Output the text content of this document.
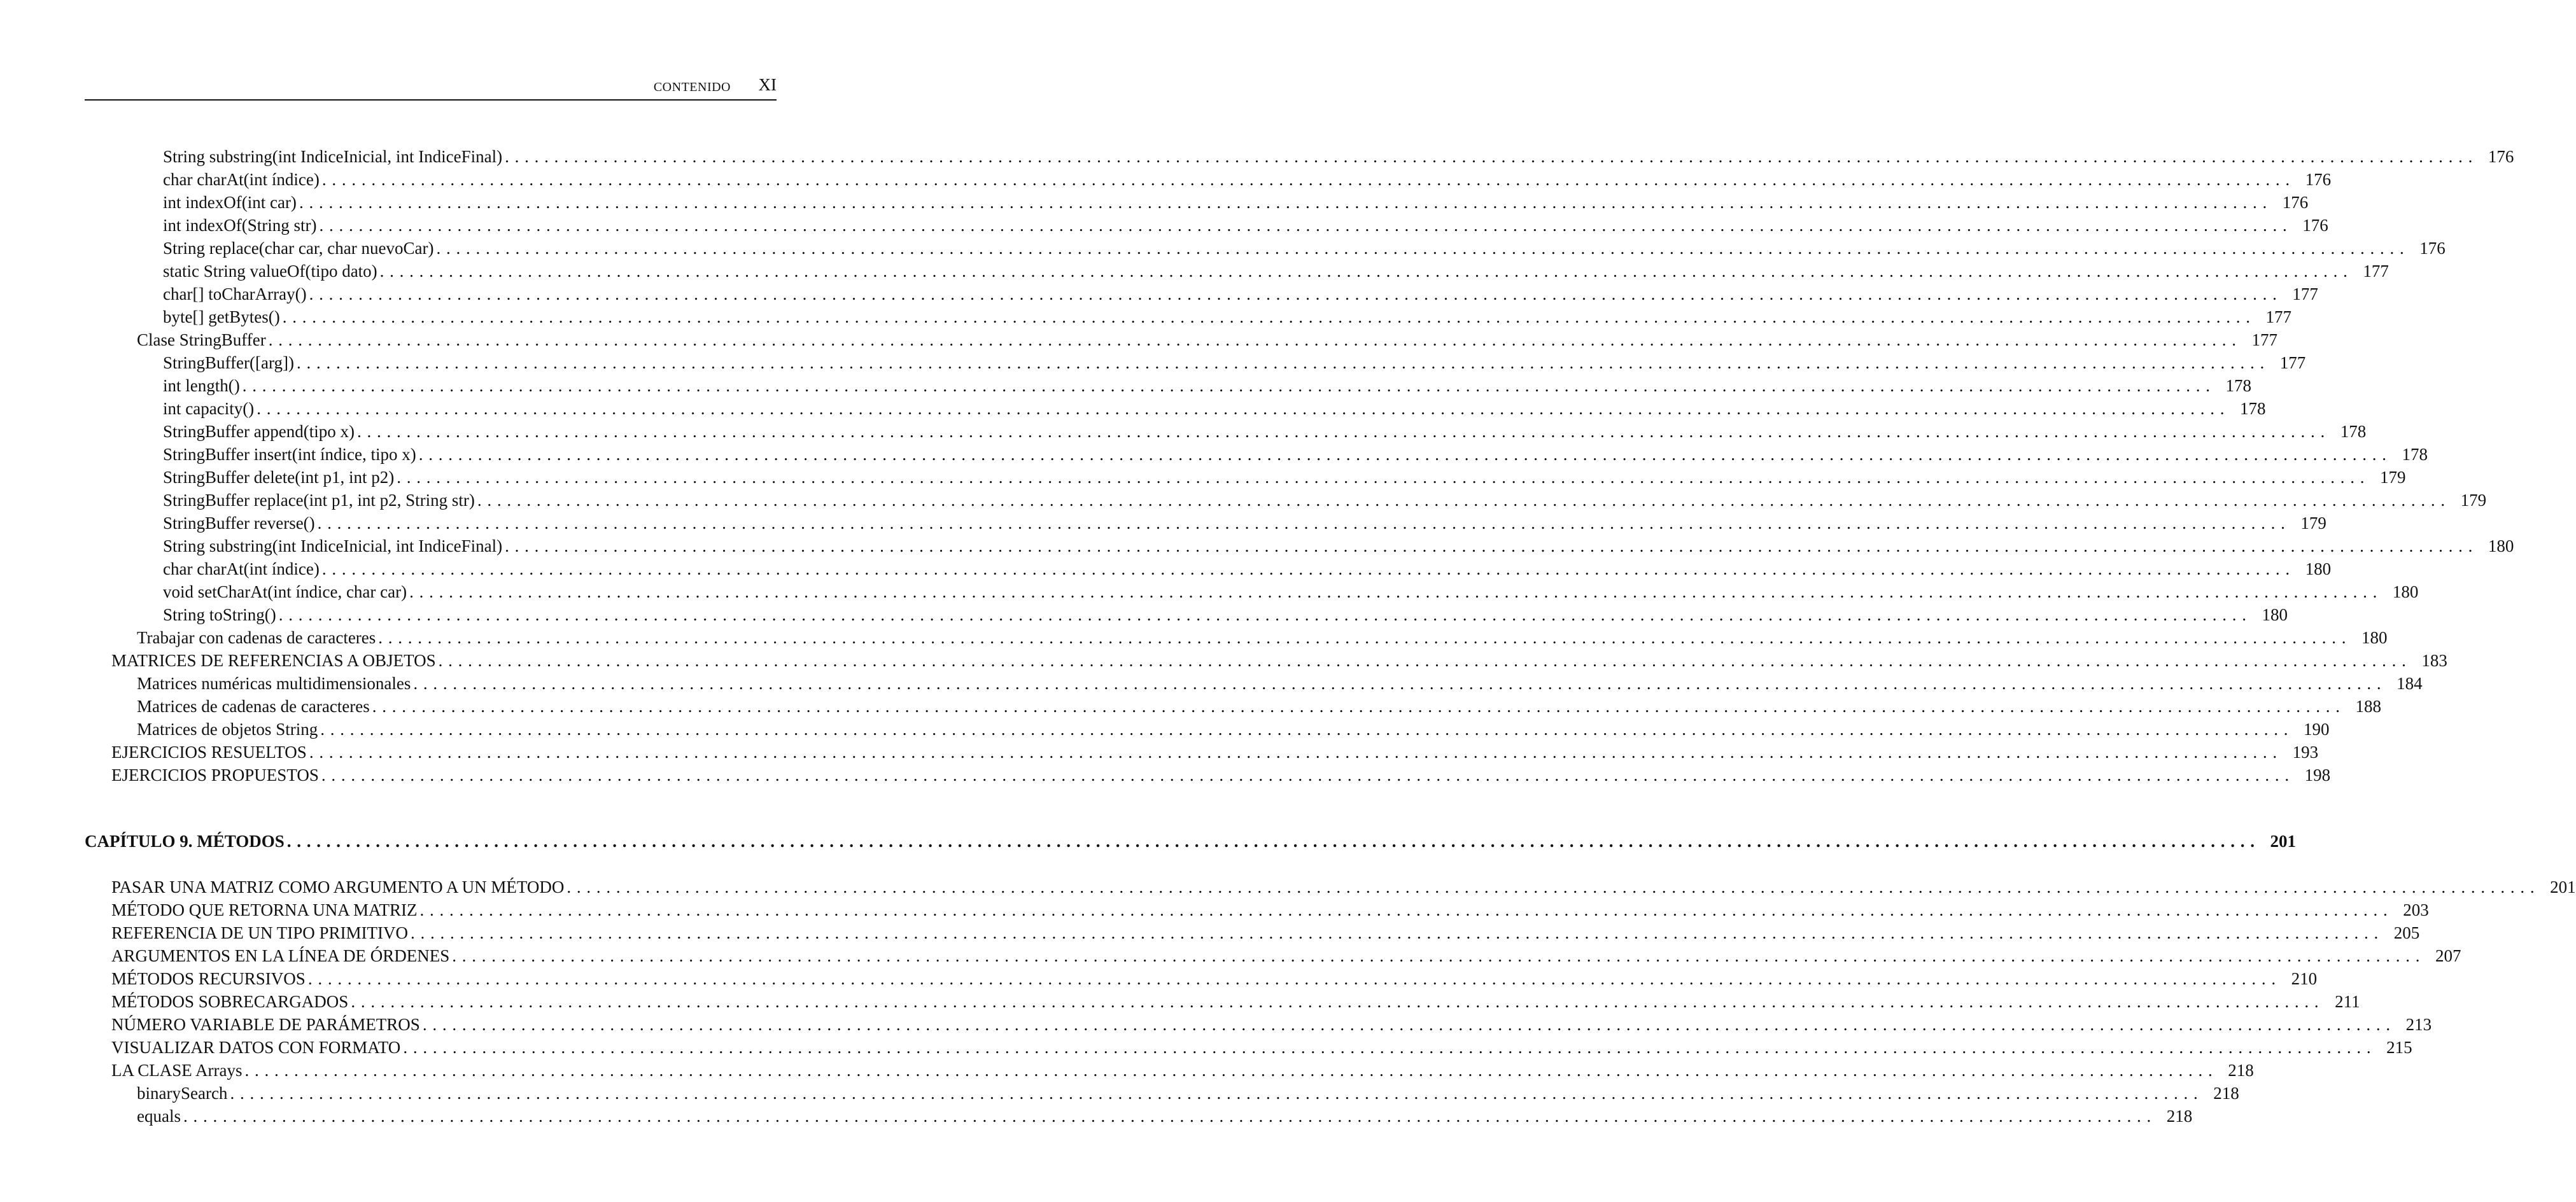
CONTENIDO XI
String substring(int IndiceInicial, int IndiceFinal) . . . . . . . . . . . . . . . . . . . . . . . . . . . . . . . . . . . . . . . . . . . . . . . . . . . . . . . . . . . . . . . . . . . . . . . . . . . . . . . . . . . . . . . . . . . . . . . . . . . . . . . . . . . . . . . . . . . . . . . . . . . . . . . . . . . . . . . . . . . . . . . . . . . . . . . . . . . . . . . . . . . . . . . . . . . . . . . . . . . . . . . . . . . . . . . . . . . . . . . . 176
char charAt(int índice) . . . . . . . . . . . . . . . . . . . . . . . . . . . . . . . . . . . . . . . . . . . . . . . . . . . . . . . . . . . . . . . . . . . . . . . . . . . . . . . . . . . . . . . . . . . . . . . . . . . . . . . . . . . . . . . . . . . . . . . . . . . . . . . . . . . . . . . . . . . . . . . . . . . . . . . . . . . . . . . . . . . . . . . . . . . . . . . . . . . . . . . . . . . . . . . . . . . . . . . . 176
int indexOf(int car) . . . . . . . . . . . . . . . . . . . . . . . . . . . . . . . . . . . . . . . . . . . . . . . . . . . . . . . . . . . . . . . . . . . . . . . . . . . . . . . . . . . . . . . . . . . . . . . . . . . . . . . . . . . . . . . . . . . . . . . . . . . . . . . . . . . . . . . . . . . . . . . . . . . . . . . . . . . . . . . . . . . . . . . . . . . . . . . . . . . . . . . . . . . . . . . . . . . . . . . . 176
int indexOf(String str) . . . . . . . . . . . . . . . . . . . . . . . . . . . . . . . . . . . . . . . . . . . . . . . . . . . . . . . . . . . . . . . . . . . . . . . . . . . . . . . . . . . . . . . . . . . . . . . . . . . . . . . . . . . . . . . . . . . . . . . . . . . . . . . . . . . . . . . . . . . . . . . . . . . . . . . . . . . . . . . . . . . . . . . . . . . . . . . . . . . . . . . . . . . . . . . . . . . . . . . . 176
String replace(char car, char nuevoCar) . . . . . . . . . . . . . . . . . . . . . . . . . . . . . . . . . . . . . . . . . . . . . . . . . . . . . . . . . . . . . . . . . . . . . . . . . . . . . . . . . . . . . . . . . . . . . . . . . . . . . . . . . . . . . . . . . . . . . . . . . . . . . . . . . . . . . . . . . . . . . . . . . . . . . . . . . . . . . . . . . . . . . . . . . . . . . . . . . . . . . . . . . . . . . . . . . . . . . . . . 176
static String valueOf(tipo dato) . . . . . . . . . . . . . . . . . . . . . . . . . . . . . . . . . . . . . . . . . . . . . . . . . . . . . . . . . . . . . . . . . . . . . . . . . . . . . . . . . . . . . . . . . . . . . . . . . . . . . . . . . . . . . . . . . . . . . . . . . . . . . . . . . . . . . . . . . . . . . . . . . . . . . . . . . . . . . . . . . . . . . . . . . . . . . . . . . . . . . . . . . . . . . . . . . . . . . . . . 177
char[] toCharArray() . . . . . . . . . . . . . . . . . . . . . . . . . . . . . . . . . . . . . . . . . . . . . . . . . . . . . . . . . . . . . . . . . . . . . . . . . . . . . . . . . . . . . . . . . . . . . . . . . . . . . . . . . . . . . . . . . . . . . . . . . . . . . . . . . . . . . . . . . . . . . . . . . . . . . . . . . . . . . . . . . . . . . . . . . . . . . . . . . . . . . . . . . . . . . . . . . . . . . . . . 177
byte[] getBytes() . . . . . . . . . . . . . . . . . . . . . . . . . . . . . . . . . . . . . . . . . . . . . . . . . . . . . . . . . . . . . . . . . . . . . . . . . . . . . . . . . . . . . . . . . . . . . . . . . . . . . . . . . . . . . . . . . . . . . . . . . . . . . . . . . . . . . . . . . . . . . . . . . . . . . . . . . . . . . . . . . . . . . . . . . . . . . . . . . . . . . . . . . . . . . . . . . . . . . . . . 177
Clase StringBuffer . . . . . . . . . . . . . . . . . . . . . . . . . . . . . . . . . . . . . . . . . . . . . . . . . . . . . . . . . . . . . . . . . . . . . . . . . . . . . . . . . . . . . . . . . . . . . . . . . . . . . . . . . . . . . . . . . . . . . . . . . . . . . . . . . . . . . . . . . . . . . . . . . . . . . . . . . . . . . . . . . . . . . . . . . . . . . . . . . . . . . . . . . . . . . . . . . . . . . . . . 177
StringBuffer([arg]) . . . . . . . . . . . . . . . . . . . . . . . . . . . . . . . . . . . . . . . . . . . . . . . . . . . . . . . . . . . . . . . . . . . . . . . . . . . . . . . . . . . . . . . . . . . . . . . . . . . . . . . . . . . . . . . . . . . . . . . . . . . . . . . . . . . . . . . . . . . . . . . . . . . . . . . . . . . . . . . . . . . . . . . . . . . . . . . . . . . . . . . . . . . . . . . . . . . . . . . . 177
int length() . . . . . . . . . . . . . . . . . . . . . . . . . . . . . . . . . . . . . . . . . . . . . . . . . . . . . . . . . . . . . . . . . . . . . . . . . . . . . . . . . . . . . . . . . . . . . . . . . . . . . . . . . . . . . . . . . . . . . . . . . . . . . . . . . . . . . . . . . . . . . . . . . . . . . . . . . . . . . . . . . . . . . . . . . . . . . . . . . . . . . . . . . . . . . . . . . . . . . . . . 178
int capacity() . . . . . . . . . . . . . . . . . . . . . . . . . . . . . . . . . . . . . . . . . . . . . . . . . . . . . . . . . . . . . . . . . . . . . . . . . . . . . . . . . . . . . . . . . . . . . . . . . . . . . . . . . . . . . . . . . . . . . . . . . . . . . . . . . . . . . . . . . . . . . . . . . . . . . . . . . . . . . . . . . . . . . . . . . . . . . . . . . . . . . . . . . . . . . . . . . . . . . . . . 178
StringBuffer append(tipo x) . . . . . . . . . . . . . . . . . . . . . . . . . . . . . . . . . . . . . . . . . . . . . . . . . . . . . . . . . . . . . . . . . . . . . . . . . . . . . . . . . . . . . . . . . . . . . . . . . . . . . . . . . . . . . . . . . . . . . . . . . . . . . . . . . . . . . . . . . . . . . . . . . . . . . . . . . . . . . . . . . . . . . . . . . . . . . . . . . . . . . . . . . . . . . . . . . . . . . . . . 178
StringBuffer insert(int índice, tipo x) . . . . . . . . . . . . . . . . . . . . . . . . . . . . . . . . . . . . . . . . . . . . . . . . . . . . . . . . . . . . . . . . . . . . . . . . . . . . . . . . . . . . . . . . . . . . . . . . . . . . . . . . . . . . . . . . . . . . . . . . . . . . . . . . . . . . . . . . . . . . . . . . . . . . . . . . . . . . . . . . . . . . . . . . . . . . . . . . . . . . . . . . . . . . . . . . . . . . . . . . 178
StringBuffer delete(int p1, int p2) . . . . . . . . . . . . . . . . . . . . . . . . . . . . . . . . . . . . . . . . . . . . . . . . . . . . . . . . . . . . . . . . . . . . . . . . . . . . . . . . . . . . . . . . . . . . . . . . . . . . . . . . . . . . . . . . . . . . . . . . . . . . . . . . . . . . . . . . . . . . . . . . . . . . . . . . . . . . . . . . . . . . . . . . . . . . . . . . . . . . . . . . . . . . . . . . . . . . . . . . 179
StringBuffer replace(int p1, int p2, String str) . . . . . . . . . . . . . . . . . . . . . . . . . . . . . . . . . . . . . . . . . . . . . . . . . . . . . . . . . . . . . . . . . . . . . . . . . . . . . . . . . . . . . . . . . . . . . . . . . . . . . . . . . . . . . . . . . . . . . . . . . . . . . . . . . . . . . . . . . . . . . . . . . . . . . . . . . . . . . . . . . . . . . . . . . . . . . . . . . . . . . . . . . . . . . . . . . . . . . . . . 179
StringBuffer reverse() . . . . . . . . . . . . . . . . . . . . . . . . . . . . . . . . . . . . . . . . . . . . . . . . . . . . . . . . . . . . . . . . . . . . . . . . . . . . . . . . . . . . . . . . . . . . . . . . . . . . . . . . . . . . . . . . . . . . . . . . . . . . . . . . . . . . . . . . . . . . . . . . . . . . . . . . . . . . . . . . . . . . . . . . . . . . . . . . . . . . . . . . . . . . . . . . . . . . . . . . 179
String substring(int IndiceInicial, int IndiceFinal) . . . . . . . . . . . . . . . . . . . . . . . . . . . . . . . . . . . . . . . . . . . . . . . . . . . . . . . . . . . . . . . . . . . . . . . . . . . . . . . . . . . . . . . . . . . . . . . . . . . . . . . . . . . . . . . . . . . . . . . . . . . . . . . . . . . . . . . . . . . . . . . . . . . . . . . . . . . . . . . . . . . . . . . . . . . . . . . . . . . . . . . . . . . . . . . . . . . . . . . . 180
char charAt(int índice) . . . . . . . . . . . . . . . . . . . . . . . . . . . . . . . . . . . . . . . . . . . . . . . . . . . . . . . . . . . . . . . . . . . . . . . . . . . . . . . . . . . . . . . . . . . . . . . . . . . . . . . . . . . . . . . . . . . . . . . . . . . . . . . . . . . . . . . . . . . . . . . . . . . . . . . . . . . . . . . . . . . . . . . . . . . . . . . . . . . . . . . . . . . . . . . . . . . . . . . . 180
void setCharAt(int índice, char car) . . . . . . . . . . . . . . . . . . . . . . . . . . . . . . . . . . . . . . . . . . . . . . . . . . . . . . . . . . . . . . . . . . . . . . . . . . . . . . . . . . . . . . . . . . . . . . . . . . . . . . . . . . . . . . . . . . . . . . . . . . . . . . . . . . . . . . . . . . . . . . . . . . . . . . . . . . . . . . . . . . . . . . . . . . . . . . . . . . . . . . . . . . . . . . . . . . . . . . . . 180
String toString() . . . . . . . . . . . . . . . . . . . . . . . . . . . . . . . . . . . . . . . . . . . . . . . . . . . . . . . . . . . . . . . . . . . . . . . . . . . . . . . . . . . . . . . . . . . . . . . . . . . . . . . . . . . . . . . . . . . . . . . . . . . . . . . . . . . . . . . . . . . . . . . . . . . . . . . . . . . . . . . . . . . . . . . . . . . . . . . . . . . . . . . . . . . . . . . . . . . . . . . . 180
Trabajar con cadenas de caracteres . . . . . . . . . . . . . . . . . . . . . . . . . . . . . . . . . . . . . . . . . . . . . . . . . . . . . . . . . . . . . . . . . . . . . . . . . . . . . . . . . . . . . . . . . . . . . . . . . . . . . . . . . . . . . . . . . . . . . . . . . . . . . . . . . . . . . . . . . . . . . . . . . . . . . . . . . . . . . . . . . . . . . . . . . . . . . . . . . . . . . . . . . . . . . . . . . . . . . . . . 180
MATRICES DE REFERENCIAS A OBJETOS . . . . . . . . . . . . . . . . . . . . . . . . . . . . . . . . . . . . . . . . . . . . . . . . . . . . . . . . . . . . . . . . . . . . . . . . . . . . . . . . . . . . . . . . . . . . . . . . . . . . . . . . . . . . . . . . . . . . . . . . . . . . . . . . . . . . . . . . . . . . . . . . . . . . . . . . . . . . . . . . . . . . . . . . . . . . . . . . . . . . . . . . . . . . . . . . . . . . . . . . 183
Matrices numéricas multidimensionales . . . . . . . . . . . . . . . . . . . . . . . . . . . . . . . . . . . . . . . . . . . . . . . . . . . . . . . . . . . . . . . . . . . . . . . . . . . . . . . . . . . . . . . . . . . . . . . . . . . . . . . . . . . . . . . . . . . . . . . . . . . . . . . . . . . . . . . . . . . . . . . . . . . . . . . . . . . . . . . . . . . . . . . . . . . . . . . . . . . . . . . . . . . . . . . . . . . . . . . . 184
Matrices de cadenas de caracteres . . . . . . . . . . . . . . . . . . . . . . . . . . . . . . . . . . . . . . . . . . . . . . . . . . . . . . . . . . . . . . . . . . . . . . . . . . . . . . . . . . . . . . . . . . . . . . . . . . . . . . . . . . . . . . . . . . . . . . . . . . . . . . . . . . . . . . . . . . . . . . . . . . . . . . . . . . . . . . . . . . . . . . . . . . . . . . . . . . . . . . . . . . . . . . . . . . . . . . . . 188
Matrices de objetos String . . . . . . . . . . . . . . . . . . . . . . . . . . . . . . . . . . . . . . . . . . . . . . . . . . . . . . . . . . . . . . . . . . . . . . . . . . . . . . . . . . . . . . . . . . . . . . . . . . . . . . . . . . . . . . . . . . . . . . . . . . . . . . . . . . . . . . . . . . . . . . . . . . . . . . . . . . . . . . . . . . . . . . . . . . . . . . . . . . . . . . . . . . . . . . . . . . . . . . . . 190
EJERCICIOS RESUELTOS . . . . . . . . . . . . . . . . . . . . . . . . . . . . . . . . . . . . . . . . . . . . . . . . . . . . . . . . . . . . . . . . . . . . . . . . . . . . . . . . . . . . . . . . . . . . . . . . . . . . . . . . . . . . . . . . . . . . . . . . . . . . . . . . . . . . . . . . . . . . . . . . . . . . . . . . . . . . . . . . . . . . . . . . . . . . . . . . . . . . . . . . . . . . . . . . . . . . . . . . 193
EJERCICIOS PROPUESTOS . . . . . . . . . . . . . . . . . . . . . . . . . . . . . . . . . . . . . . . . . . . . . . . . . . . . . . . . . . . . . . . . . . . . . . . . . . . . . . . . . . . . . . . . . . . . . . . . . . . . . . . . . . . . . . . . . . . . . . . . . . . . . . . . . . . . . . . . . . . . . . . . . . . . . . . . . . . . . . . . . . . . . . . . . . . . . . . . . . . . . . . . . . . . . . . . . . . . . . . . 198
CAPÍTULO 9. MÉTODOS . . . . . . . . . . . . . . . . . . . . . . . . . . . . . . . . . . . . . . . . . . . . . . . . . . . . . . . . . . . . . . . . . . . . . . . . . . . . . . . . . . . . . . . . . . . . . . . . . . . . . . . . . . . . . . . . . . . . . . . . . . . . . . . . . . . . . . . . . . . . . . . . . . . . . . . . . . . . . . . . . . . . . . . . . . . . . . . . . . . . . . . . . . . . . . . . . . . . . . . . 201
PASAR UNA MATRIZ COMO ARGUMENTO A UN MÉTODO . . . . . . . . . . . . . . . . . . . . . . . . . . . . . . . . . . . . . . . . . . . . . . . . . . . . . . . . . . . . . . . . . . . . . . . . . . . . . . . . . . . . . . . . . . . . . . . . . . . . . . . . . . . . . . . . . . . . . . . . . . . . . . . . . . . . . . . . . . . . . . . . . . . . . . . . . . . . . . . . . . . . . . . . . . . . . . . . . . . . . . . . . . . . . . . . . . . . . . . . 201
MÉTODO QUE RETORNA UNA MATRIZ . . . . . . . . . . . . . . . . . . . . . . . . . . . . . . . . . . . . . . . . . . . . . . . . . . . . . . . . . . . . . . . . . . . . . . . . . . . . . . . . . . . . . . . . . . . . . . . . . . . . . . . . . . . . . . . . . . . . . . . . . . . . . . . . . . . . . . . . . . . . . . . . . . . . . . . . . . . . . . . . . . . . . . . . . . . . . . . . . . . . . . . . . . . . . . . . . . . . . . . . 203
REFERENCIA DE UN TIPO PRIMITIVO . . . . . . . . . . . . . . . . . . . . . . . . . . . . . . . . . . . . . . . . . . . . . . . . . . . . . . . . . . . . . . . . . . . . . . . . . . . . . . . . . . . . . . . . . . . . . . . . . . . . . . . . . . . . . . . . . . . . . . . . . . . . . . . . . . . . . . . . . . . . . . . . . . . . . . . . . . . . . . . . . . . . . . . . . . . . . . . . . . . . . . . . . . . . . . . . . . . . . . . . 205
ARGUMENTOS EN LA LÍNEA DE ÓRDENES . . . . . . . . . . . . . . . . . . . . . . . . . . . . . . . . . . . . . . . . . . . . . . . . . . . . . . . . . . . . . . . . . . . . . . . . . . . . . . . . . . . . . . . . . . . . . . . . . . . . . . . . . . . . . . . . . . . . . . . . . . . . . . . . . . . . . . . . . . . . . . . . . . . . . . . . . . . . . . . . . . . . . . . . . . . . . . . . . . . . . . . . . . . . . . . . . . . . . . . . 207
MÉTODOS RECURSIVOS . . . . . . . . . . . . . . . . . . . . . . . . . . . . . . . . . . . . . . . . . . . . . . . . . . . . . . . . . . . . . . . . . . . . . . . . . . . . . . . . . . . . . . . . . . . . . . . . . . . . . . . . . . . . . . . . . . . . . . . . . . . . . . . . . . . . . . . . . . . . . . . . . . . . . . . . . . . . . . . . . . . . . . . . . . . . . . . . . . . . . . . . . . . . . . . . . . . . . . . . 210
MÉTODOS SOBRECARGADOS . . . . . . . . . . . . . . . . . . . . . . . . . . . . . . . . . . . . . . . . . . . . . . . . . . . . . . . . . . . . . . . . . . . . . . . . . . . . . . . . . . . . . . . . . . . . . . . . . . . . . . . . . . . . . . . . . . . . . . . . . . . . . . . . . . . . . . . . . . . . . . . . . . . . . . . . . . . . . . . . . . . . . . . . . . . . . . . . . . . . . . . . . . . . . . . . . . . . . . . . 211
NÚMERO VARIABLE DE PARÁMETROS . . . . . . . . . . . . . . . . . . . . . . . . . . . . . . . . . . . . . . . . . . . . . . . . . . . . . . . . . . . . . . . . . . . . . . . . . . . . . . . . . . . . . . . . . . . . . . . . . . . . . . . . . . . . . . . . . . . . . . . . . . . . . . . . . . . . . . . . . . . . . . . . . . . . . . . . . . . . . . . . . . . . . . . . . . . . . . . . . . . . . . . . . . . . . . . . . . . . . . . . 213
VISUALIZAR DATOS CON FORMATO . . . . . . . . . . . . . . . . . . . . . . . . . . . . . . . . . . . . . . . . . . . . . . . . . . . . . . . . . . . . . . . . . . . . . . . . . . . . . . . . . . . . . . . . . . . . . . . . . . . . . . . . . . . . . . . . . . . . . . . . . . . . . . . . . . . . . . . . . . . . . . . . . . . . . . . . . . . . . . . . . . . . . . . . . . . . . . . . . . . . . . . . . . . . . . . . . . . . . . . . 215
LA CLASE Arrays . . . . . . . . . . . . . . . . . . . . . . . . . . . . . . . . . . . . . . . . . . . . . . . . . . . . . . . . . . . . . . . . . . . . . . . . . . . . . . . . . . . . . . . . . . . . . . . . . . . . . . . . . . . . . . . . . . . . . . . . . . . . . . . . . . . . . . . . . . . . . . . . . . . . . . . . . . . . . . . . . . . . . . . . . . . . . . . . . . . . . . . . . . . . . . . . . . . . . . . . 218
binarySearch . . . . . . . . . . . . . . . . . . . . . . . . . . . . . . . . . . . . . . . . . . . . . . . . . . . . . . . . . . . . . . . . . . . . . . . . . . . . . . . . . . . . . . . . . . . . . . . . . . . . . . . . . . . . . . . . . . . . . . . . . . . . . . . . . . . . . . . . . . . . . . . . . . . . . . . . . . . . . . . . . . . . . . . . . . . . . . . . . . . . . . . . . . . . . . . . . . . . . . . . 218
equals . . . . . . . . . . . . . . . . . . . . . . . . . . . . . . . . . . . . . . . . . . . . . . . . . . . . . . . . . . . . . . . . . . . . . . . . . . . . . . . . . . . . . . . . . . . . . . . . . . . . . . . . . . . . . . . . . . . . . . . . . . . . . . . . . . . . . . . . . . . . . . . . . . . . . . . . . . . . . . . . . . . . . . . . . . . . . . . . . . . . . . . . . . . . . . . . . . . . . . . . 218
